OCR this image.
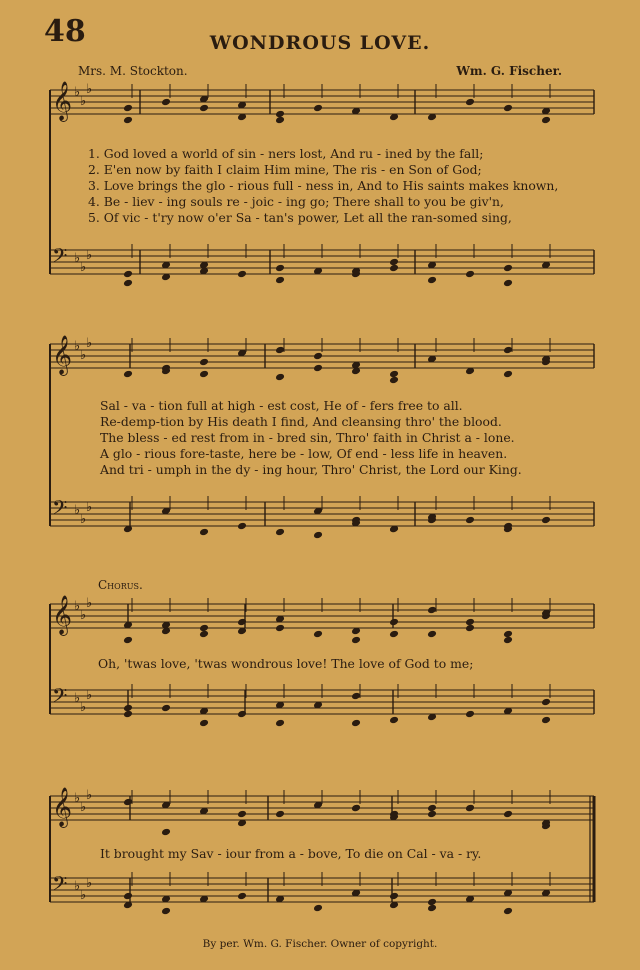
48	WONDROUS LOVE.
Mrs. M. Stockton.	Wm. G. Fischer.
𝄞
𝄢
♭
♭
♭
♭
♭
♭
𝄞
𝄢
♭
♭
♭
♭
♭
♭
𝄞
𝄢
♭
♭
♭
♭
♭
♭
𝄞
𝄢
♭
♭
♭
♭
♭
♭
1. God loved a world of sin - ners lost, And ru - ined by the fall;
2. E'en now by faith I claim Him mine, The ris - en Son of God;
3. Love brings the glo - rious full - ness in, And to His saints makes known,
4. Be - liev - ing souls re - joic - ing go; There shall to you be giv'n,
5. Of vic - t'ry now o'er Sa - tan's power, Let all the ran-somed sing,
Sal - va - tion full at high - est cost, He of - fers free to all.
Re-demp-tion by His death I find, And cleansing thro' the blood.
The bless - ed rest from in - bred sin, Thro' faith in Christ a - lone.
A glo - rious fore-taste, here be - low, Of end - less life in heaven.
And tri - umph in the dy - ing hour, Thro' Christ, the Lord our King.
Chorus.
Oh, 'twas love, 'twas wondrous love! The love of God to me;
It brought my Sav - iour from a - bove, To die on Cal - va - ry.
By per. Wm. G. Fischer. Owner of copyright.
